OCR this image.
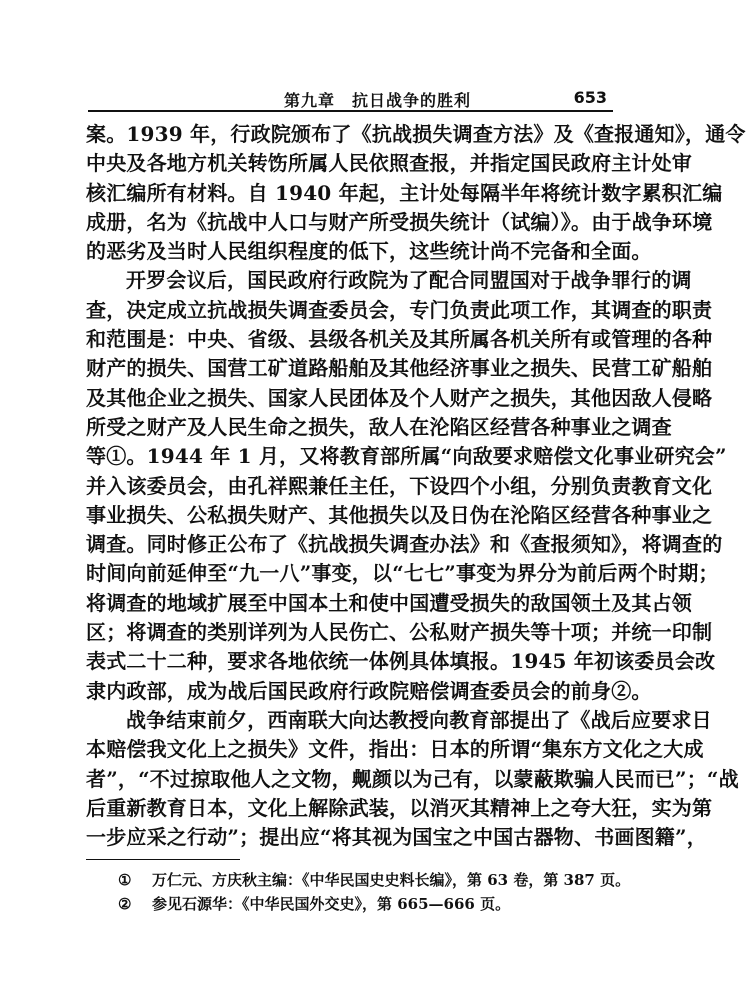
第九章　抗日战争的胜利	653
案。1939 年，行政院颁布了《抗战损失调查方法》及《查报通知》，通令
中央及各地方机关转饬所属人民依照查报，并指定国民政府主计处审
核汇编所有材料。自 1940 年起，主计处每隔半年将统计数字累积汇编
成册，名为《抗战中人口与财产所受损失统计（试编）》。由于战争环境
的恶劣及当时人民组织程度的低下，这些统计尚不完备和全面。
开罗会议后，国民政府行政院为了配合同盟国对于战争罪行的调
查，决定成立抗战损失调查委员会，专门负责此项工作，其调查的职责
和范围是：中央、省级、县级各机关及其所属各机关所有或管理的各种
财产的损失、国营工矿道路船舶及其他经济事业之损失、民营工矿船舶
及其他企业之损失、国家人民团体及个人财产之损失，其他因敌人侵略
所受之财产及人民生命之损失，敌人在沦陷区经营各种事业之调查
等①。1944 年 1 月，又将教育部所属“向敌要求赔偿文化事业研究会”
并入该委员会，由孔祥熙兼任主任，下设四个小组，分别负责教育文化
事业损失、公私损失财产、其他损失以及日伪在沦陷区经营各种事业之
调查。同时修正公布了《抗战损失调查办法》和《查报须知》，将调查的
时间向前延伸至“九一八”事变，以“七七”事变为界分为前后两个时期；
将调查的地域扩展至中国本土和使中国遭受损失的敌国领土及其占领
区；将调查的类别详列为人民伤亡、公私财产损失等十项；并统一印制
表式二十二种，要求各地依统一体例具体填报。1945 年初该委员会改
隶内政部，成为战后国民政府行政院赔偿调查委员会的前身②。
战争结束前夕，西南联大向达教授向教育部提出了《战后应要求日
本赔偿我文化上之损失》文件，指出：日本的所谓“集东方文化之大成
者”，“不过掠取他人之文物，觍颜以为己有，以蒙蔽欺骗人民而已”；“战
后重新教育日本，文化上解除武装，以消灭其精神上之夸大狂，实为第
一步应采之行动”；提出应“将其视为国宝之中国古器物、书画图籍”，
① 万仁元、方庆秋主编：《中华民国史史料长编》，第 63 卷，第 387 页。
② 参见石源华：《中华民国外交史》，第 665—666 页。
